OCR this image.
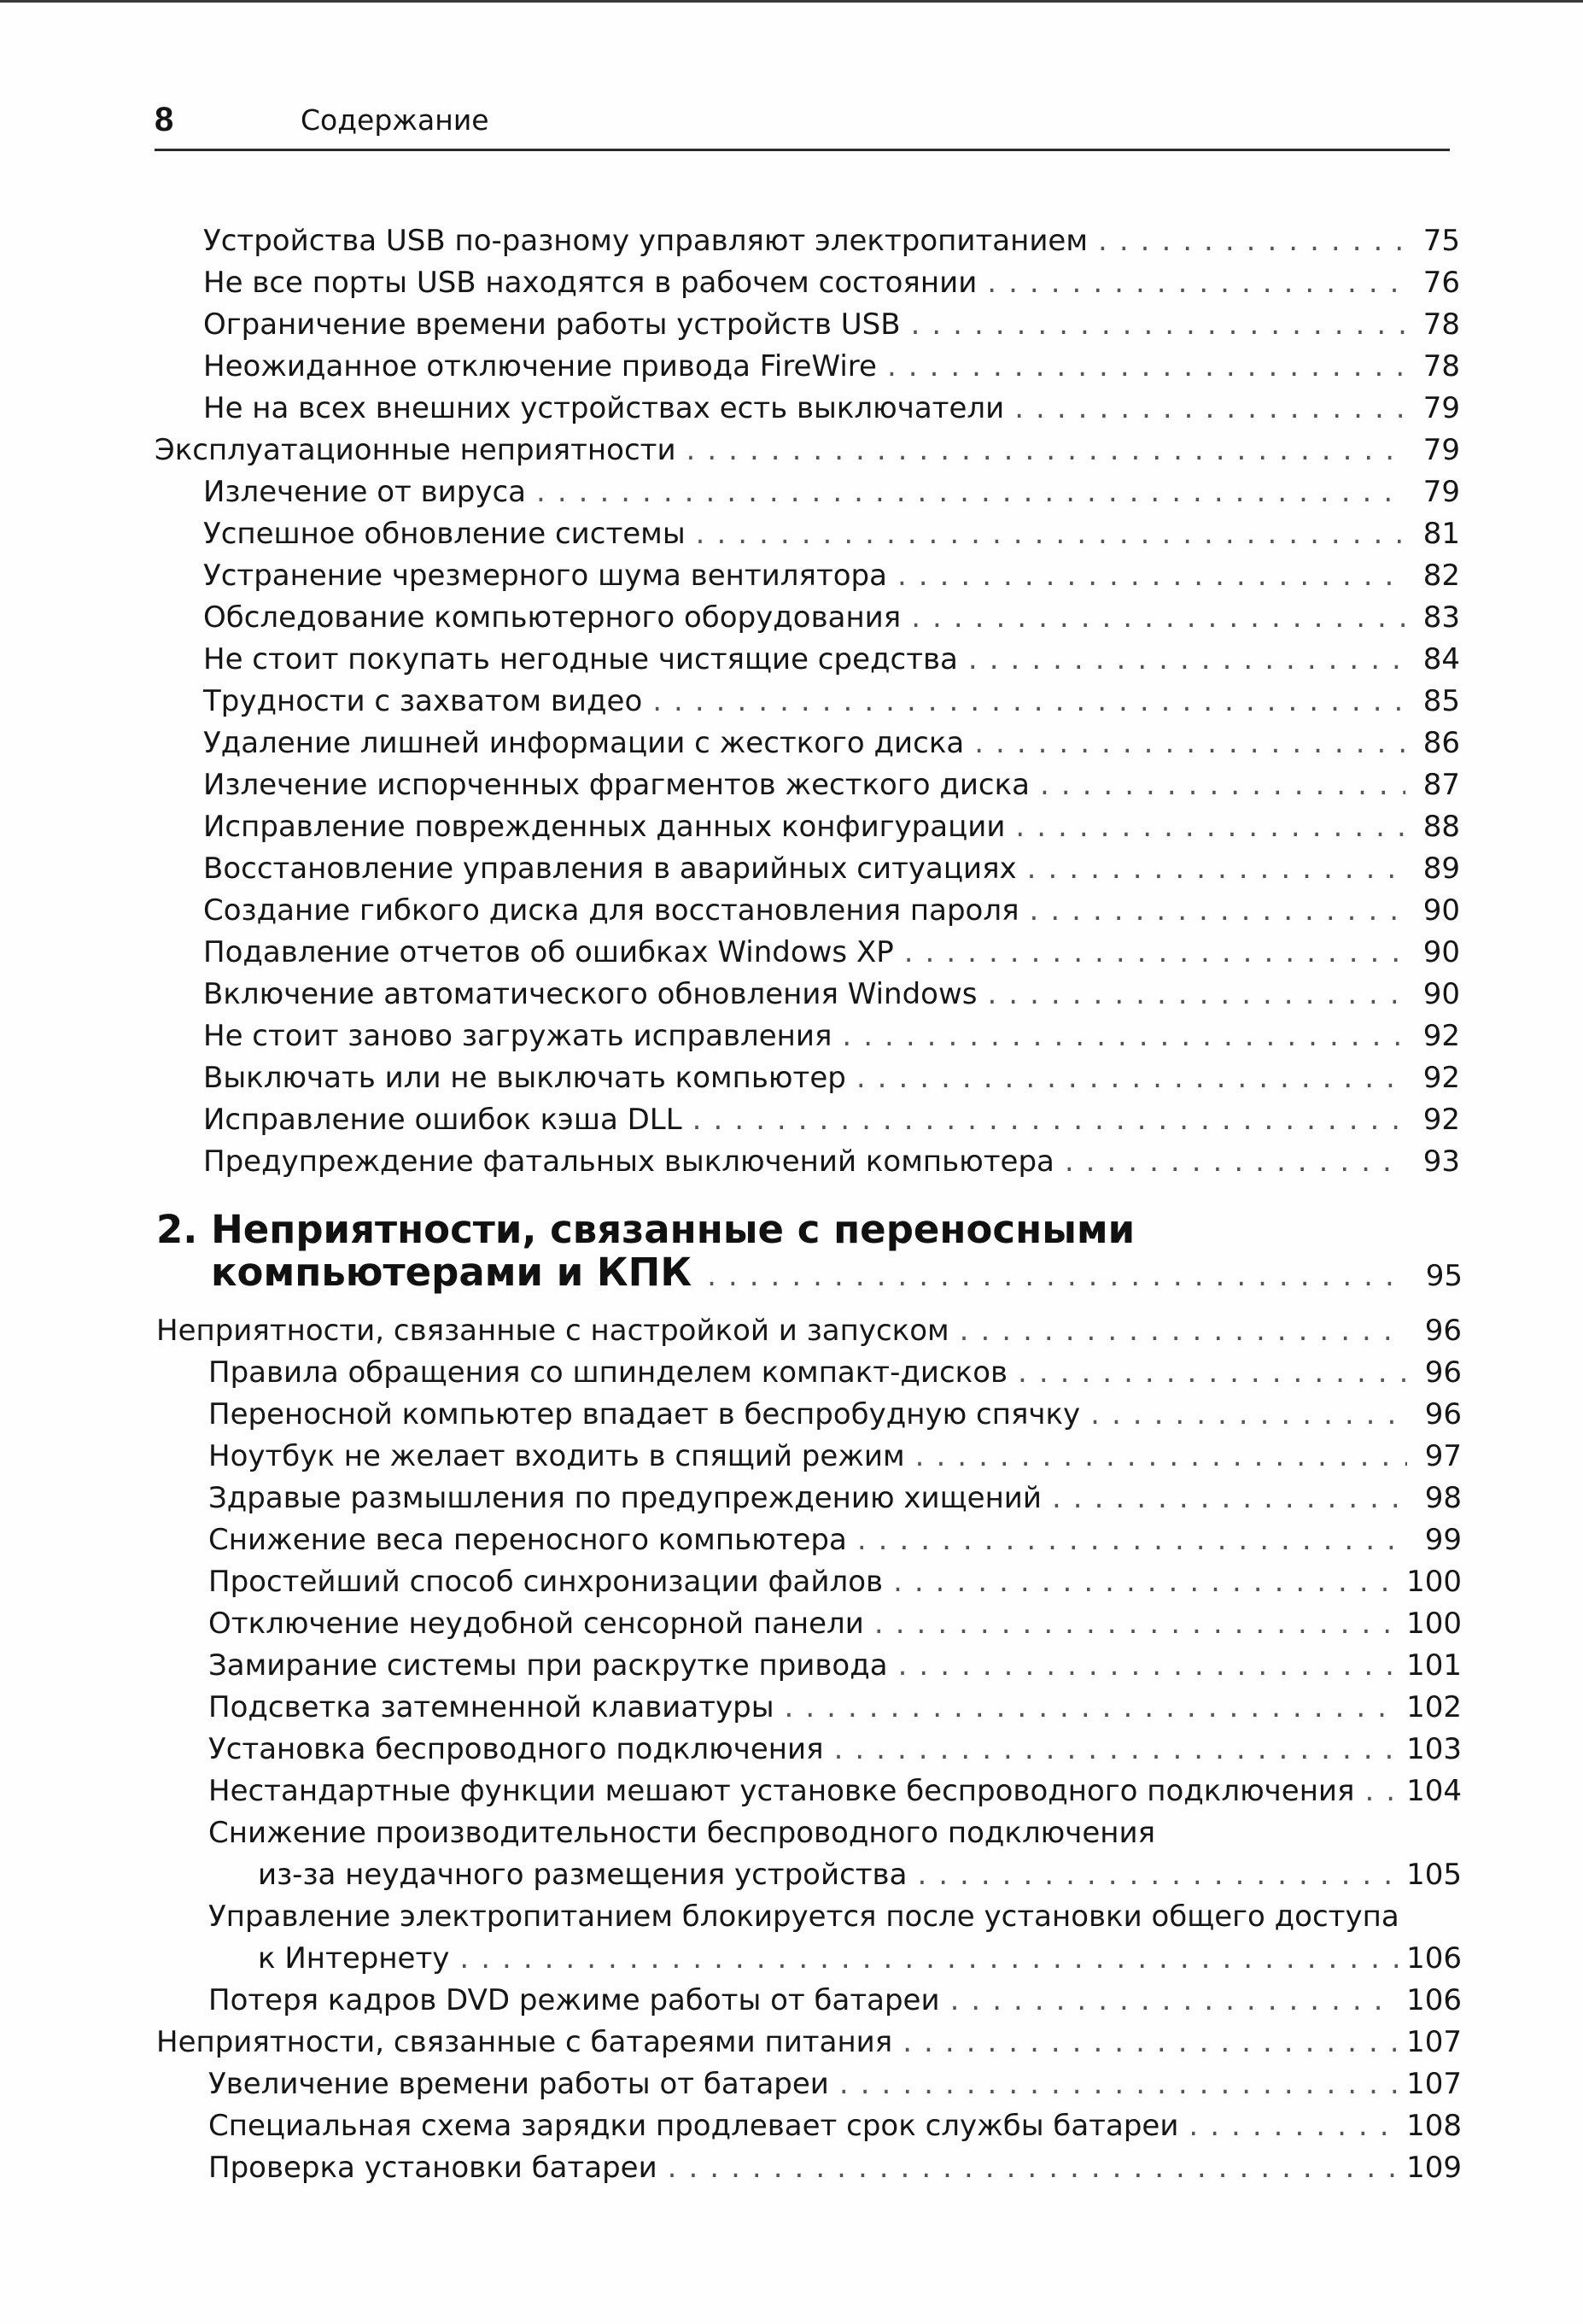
8	Содержание
Устройства USB по-разному управляют электропитанием .....	75
Не все порты USB находятся в рабочем состоянии .....	76
Ограничение времени работы устройств USB .....	78
Неожиданное отключение привода FireWire .....	78
Не на всех внешних устройствах есть выключатели .....	79
Эксплуатационные неприятности .....	79
Излечение от вируса .....	79
Успешное обновление системы .....	81
Устранение чрезмерного шума вентилятора .....	82
Обследование компьютерного оборудования .....	83
Не стоит покупать негодные чистящие средства .....	84
Трудности с захватом видео .....	85
Удаление лишней информации с жесткого диска .....	86
Излечение испорченных фрагментов жесткого диска .....	87
Исправление поврежденных данных конфигурации .....	88
Восстановление управления в аварийных ситуациях .....	89
Создание гибкого диска для восстановления пароля .....	90
Подавление отчетов об ошибках Windows XP .....	90
Включение автоматического обновления Windows .....	90
Не стоит заново загружать исправления .....	92
Выключать или не выключать компьютер .....	92
Исправление ошибок кэша DLL .....	92
Предупреждение фатальных выключений компьютера .....	93
2. Неприятности, связанные с переносными
компьютерами и КПК .....	95
Неприятности, связанные с настройкой и запуском .....	96
Правила обращения со шпинделем компакт-дисков .....	96
Переносной компьютер впадает в беспробудную спячку .....	96
Ноутбук не желает входить в спящий режим .....	97
Здравые размышления по предупреждению хищений .....	98
Снижение веса переносного компьютера .....	99
Простейший способ синхронизации файлов .....	100
Отключение неудобной сенсорной панели .....	100
Замирание системы при раскрутке привода .....	101
Подсветка затемненной клавиатуры .....	102
Установка беспроводного подключения .....	103
Нестандартные функции мешают установке беспроводного подключения ..... 104
Снижение производительности беспроводного подключения
из-за неудачного размещения устройства .....	105
Управление электропитанием блокируется после установки общего доступа
к Интернету .....	106
Потеря кадров DVD режиме работы от батареи .....	106
Неприятности, связанные с батареями питания .....	107
Увеличение времени работы от батареи .....	107
Специальная схема зарядки продлевает срок службы батареи .....	108
Проверка установки батареи .....	109
